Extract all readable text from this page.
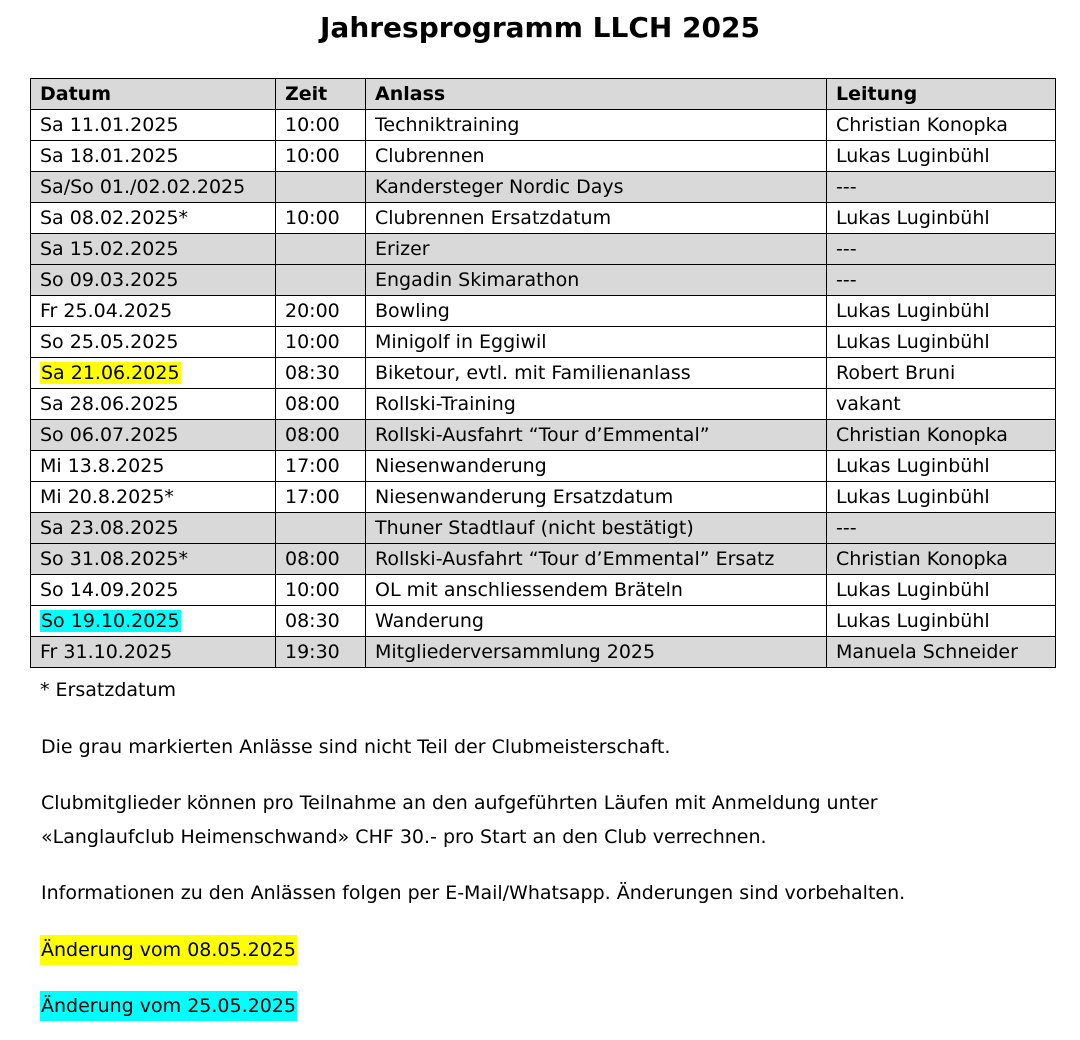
Jahresprogramm LLCH 2025
Datum	Zeit	Anlass	Leitung
Sa 11.01.2025	10:00	Techniktraining	Christian Konopka
Sa 18.01.2025	10:00	Clubrennen	Lukas Luginbühl
Sa/So 01./02.02.2025		Kandersteger Nordic Days	---
Sa 08.02.2025*	10:00	Clubrennen Ersatzdatum	Lukas Luginbühl
Sa 15.02.2025		Erizer	---
So 09.03.2025		Engadin Skimarathon	---
Fr 25.04.2025	20:00	Bowling	Lukas Luginbühl
So 25.05.2025	10:00	Minigolf in Eggiwil	Lukas Luginbühl
Sa 21.06.2025	08:30	Biketour, evtl. mit Familienanlass	Robert Bruni
Sa 28.06.2025	08:00	Rollski-Training	vakant
So 06.07.2025	08:00	Rollski-Ausfahrt “Tour d’Emmental”	Christian Konopka
Mi 13.8.2025	17:00	Niesenwanderung	Lukas Luginbühl
Mi 20.8.2025*	17:00	Niesenwanderung Ersatzdatum	Lukas Luginbühl
Sa 23.08.2025		Thuner Stadtlauf (nicht bestätigt)	---
So 31.08.2025*	08:00	Rollski-Ausfahrt “Tour d’Emmental” Ersatz	Christian Konopka
So 14.09.2025	10:00	OL mit anschliessendem Bräteln	Lukas Luginbühl
So 19.10.2025	08:30	Wanderung	Lukas Luginbühl
Fr 31.10.2025	19:30	Mitgliederversammlung 2025	Manuela Schneider

* Ersatzdatum

Die grau markierten Anlässe sind nicht Teil der Clubmeisterschaft.

Clubmitglieder können pro Teilnahme an den aufgeführten Läufen mit Anmeldung unter

«Langlaufclub Heimenschwand» CHF 30.- pro Start an den Club verrechnen.

Informationen zu den Anlässen folgen per E-Mail/Whatsapp. Änderungen sind vorbehalten.

Änderung vom 08.05.2025

Änderung vom 25.05.2025
